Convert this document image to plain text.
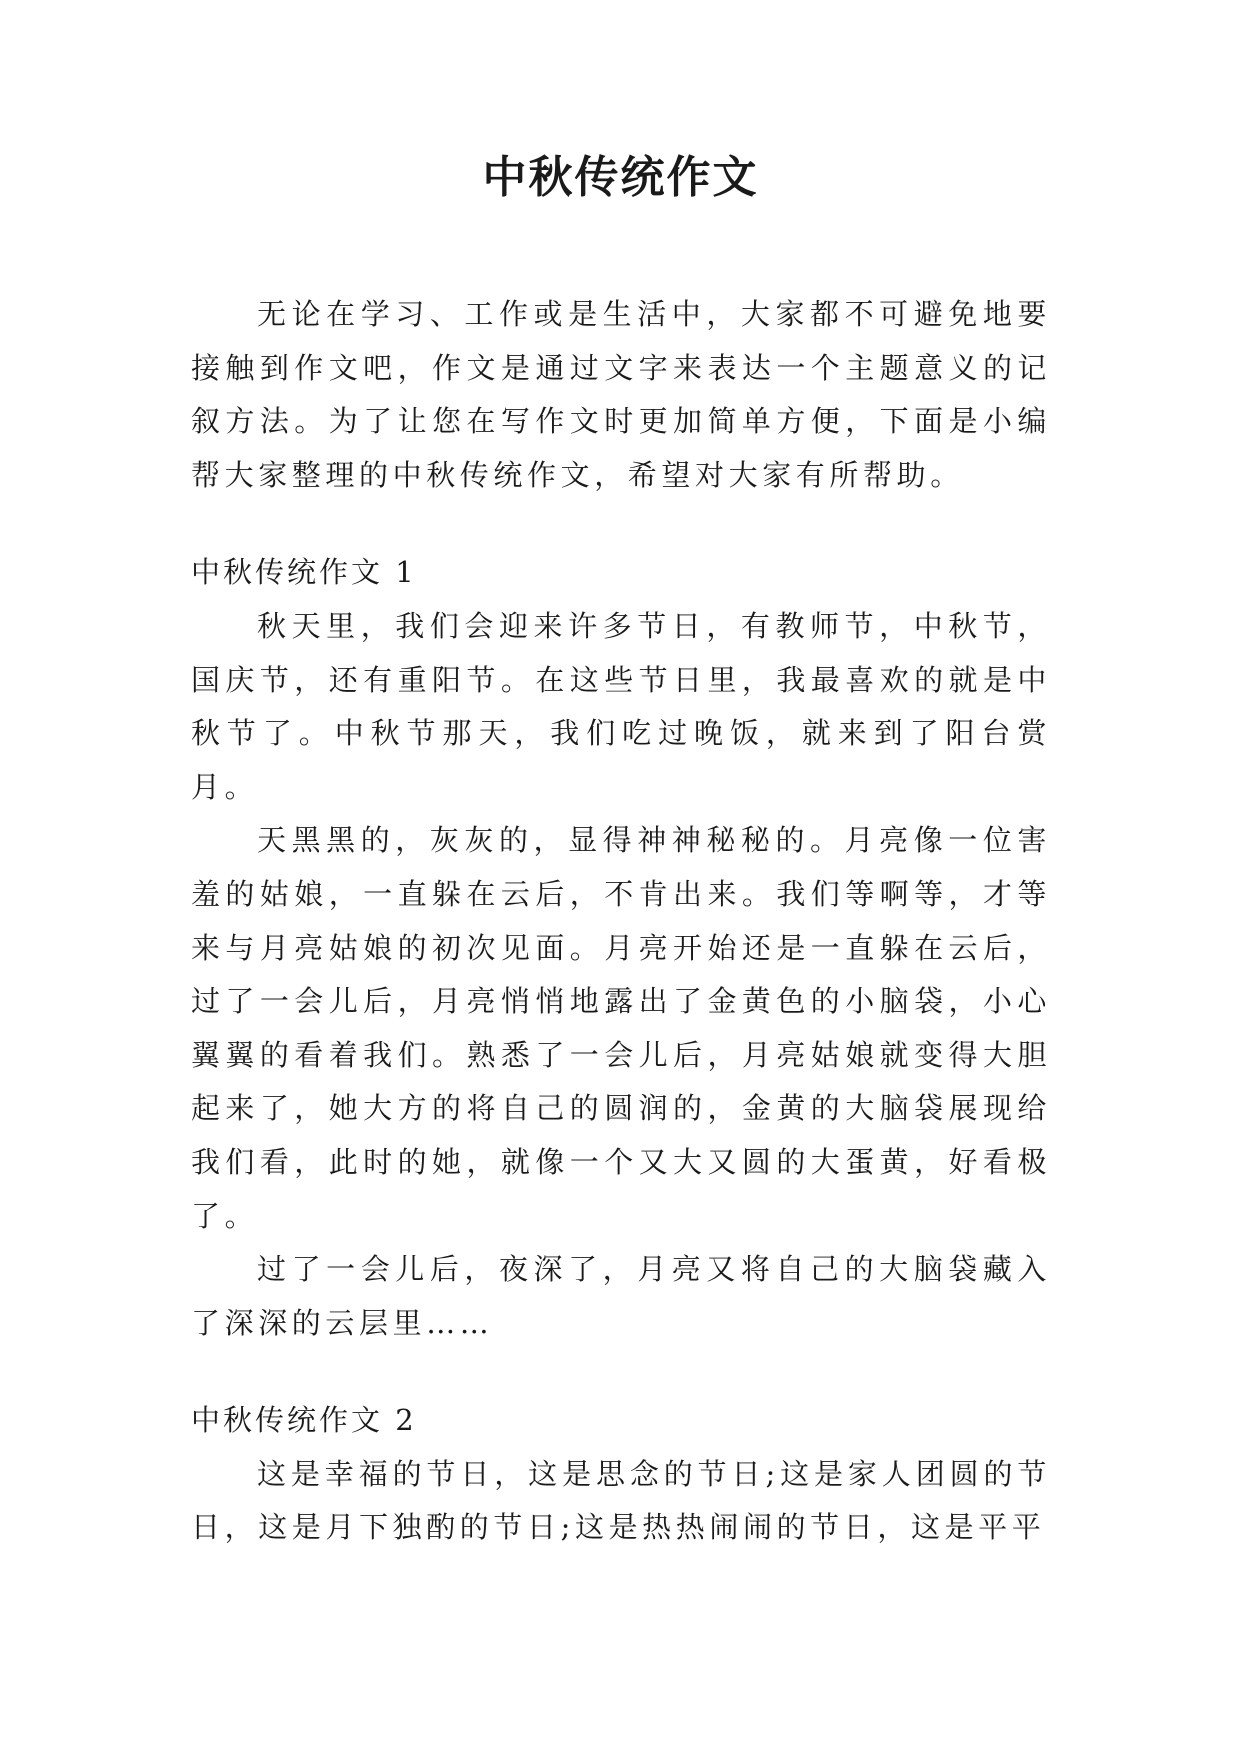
中秋传统作文

无论在学习、工作或是生活中，大家都不可避免地要接触到作文吧，作文是通过文字来表达一个主题意义的记叙方法。为了让您在写作文时更加简单方便，下面是小编帮大家整理的中秋传统作文，希望对大家有所帮助。

中秋传统作文 1

秋天里，我们会迎来许多节日，有教师节，中秋节，国庆节，还有重阳节。在这些节日里，我最喜欢的就是中秋节了。中秋节那天，我们吃过晚饭，就来到了阳台赏月。

天黑黑的，灰灰的，显得神神秘秘的。月亮像一位害羞的姑娘，一直躲在云后，不肯出来。我们等啊等，才等来与月亮姑娘的初次见面。月亮开始还是一直躲在云后，过了一会儿后，月亮悄悄地露出了金黄色的小脑袋，小心翼翼的看着我们。熟悉了一会儿后，月亮姑娘就变得大胆起来了，她大方的将自己的圆润的，金黄的大脑袋展现给我们看，此时的她，就像一个又大又圆的大蛋黄，好看极了。

过了一会儿后，夜深了，月亮又将自己的大脑袋藏入了深深的云层里……

中秋传统作文 2

这是幸福的节日，这是思念的节日;这是家人团圆的节日，这是月下独酌的节日;这是热热闹闹的节日，这是平平
